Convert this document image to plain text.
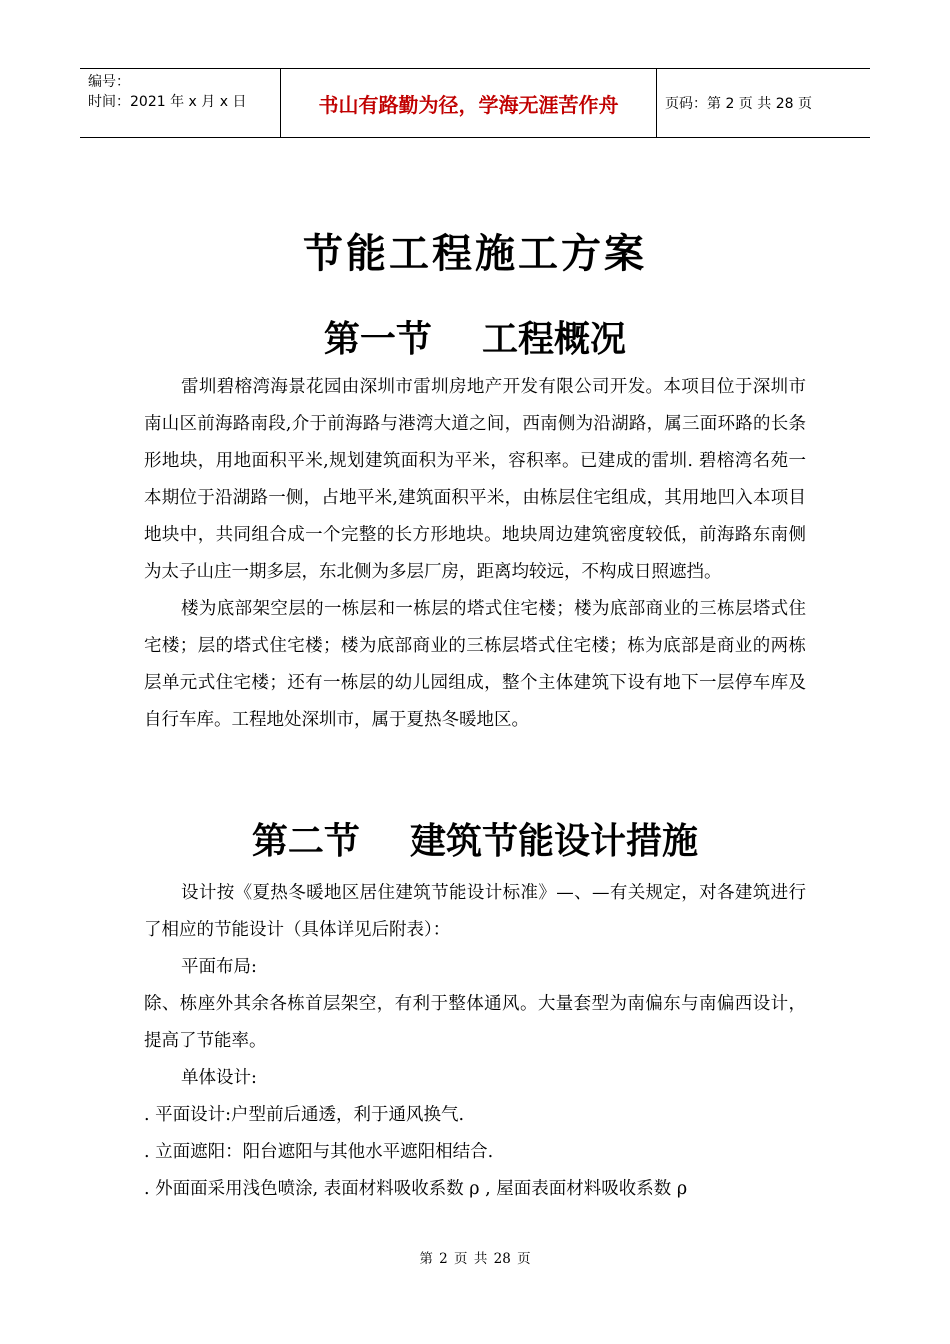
编号：
时间：2021 年 x 月 x 日	书山有路勤为径，学海无涯苦作舟	页码：第 2 页 共 28 页
节能工程施工方案
第一节    工程概况

雷圳碧榕湾海景花园由深圳市雷圳房地产开发有限公司开发。本项目位于深圳市南山区前海路南段,介于前海路与港湾大道之间，西南侧为沿湖路，属三面环路的长条形地块，用地面积平米,规划建筑面积为平米，容积率。已建成的雷圳. 碧榕湾名苑一本期位于沿湖路一侧，占地平米,建筑面积平米，由栋层住宅组成，其用地凹入本项目地块中，共同组合成一个完整的长方形地块。地块周边建筑密度较低，前海路东南侧为太子山庄一期多层，东北侧为多层厂房，距离均较远，不构成日照遮挡。

楼为底部架空层的一栋层和一栋层的塔式住宅楼；楼为底部商业的三栋层塔式住宅楼；层的塔式住宅楼；楼为底部商业的三栋层塔式住宅楼；栋为底部是商业的两栋层单元式住宅楼；还有一栋层的幼儿园组成，整个主体建筑下设有地下一层停车库及自行车库。工程地处深圳市，属于夏热冬暖地区。

第二节    建筑节能设计措施

设计按《夏热冬暖地区居住建筑节能设计标准》—、—有关规定，对各建筑进行了相应的节能设计（具体详见后附表）：

平面布局:

除、栋座外其余各栋首层架空，有利于整体通风。大量套型为南偏东与南偏西设计，提高了节能率。

单体设计:

. 平面设计:户型前后通透，利于通风换气.

. 立面遮阳：阳台遮阳与其他水平遮阳相结合.

. 外面面采用浅色喷涂, 表面材料吸收系数 ρ , 屋面表面材料吸收系数 ρ

第 2 页 共 28 页
